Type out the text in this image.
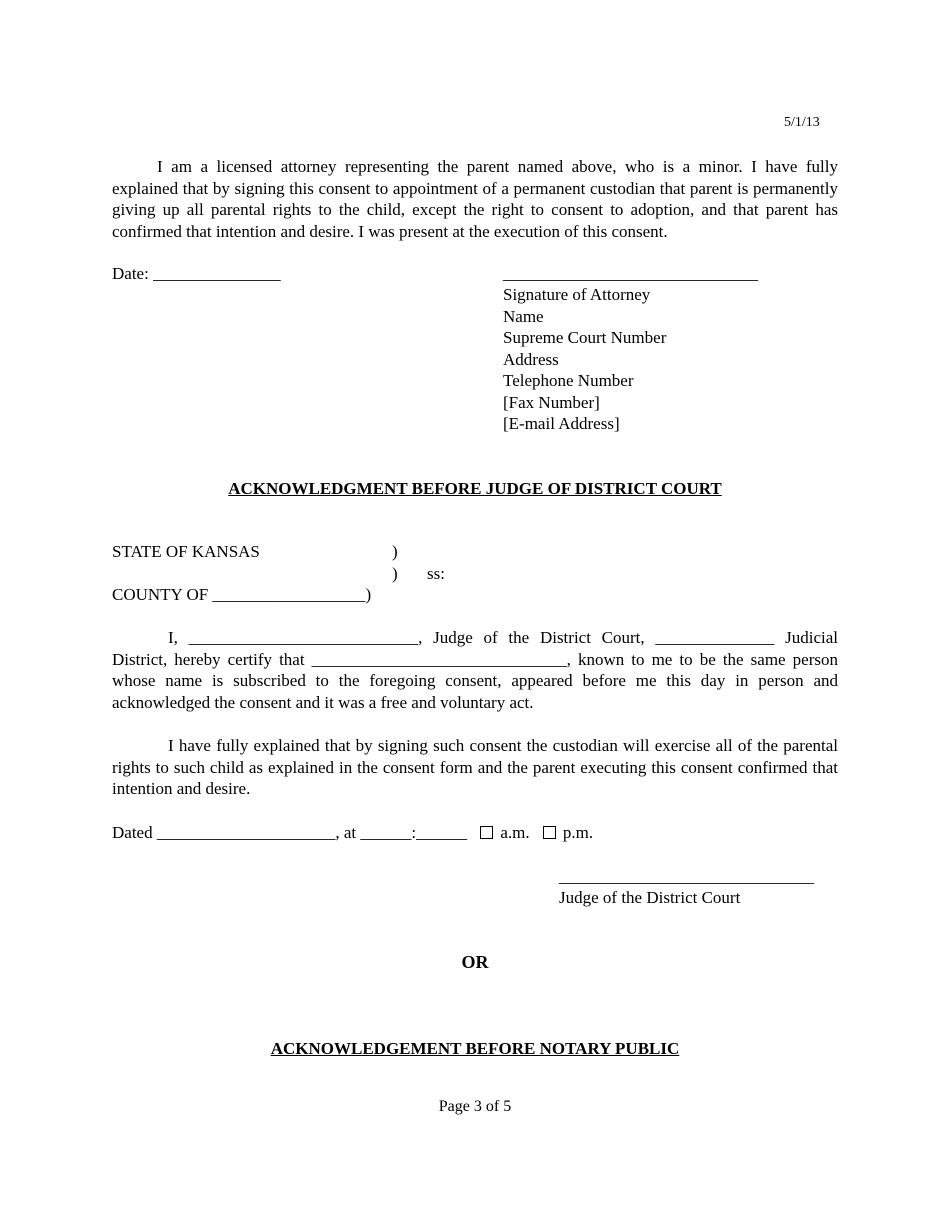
5/1/13
I am a licensed attorney representing the parent named above, who is a minor. I have fully explained that by signing this consent to appointment of a permanent custodian that parent is permanently giving up all parental rights to the child, except the right to consent to adoption, and that parent has confirmed that intention and desire. I was present at the execution of this consent.
Date: _______________	______________________________
Signature of Attorney
Name
Supreme Court Number
Address
Telephone Number
[Fax Number]
[E-mail Address]
ACKNOWLEDGMENT BEFORE JUDGE OF DISTRICT COURT
STATE OF KANSAS	)
) ss:
COUNTY OF __________________)
I, ___________________________, Judge of the District Court, ______________ Judicial District, hereby certify that ______________________________, known to me to be the same person whose name is subscribed to the foregoing consent, appeared before me this day in person and acknowledged the consent and it was a free and voluntary act.
I have fully explained that by signing such consent the custodian will exercise all of the parental rights to such child as explained in the consent form and the parent executing this consent confirmed that intention and desire.
Dated _____________________, at ______:______ a.m. p.m.
______________________________
Judge of the District Court
OR
ACKNOWLEDGEMENT BEFORE NOTARY PUBLIC
Page 3 of 5
